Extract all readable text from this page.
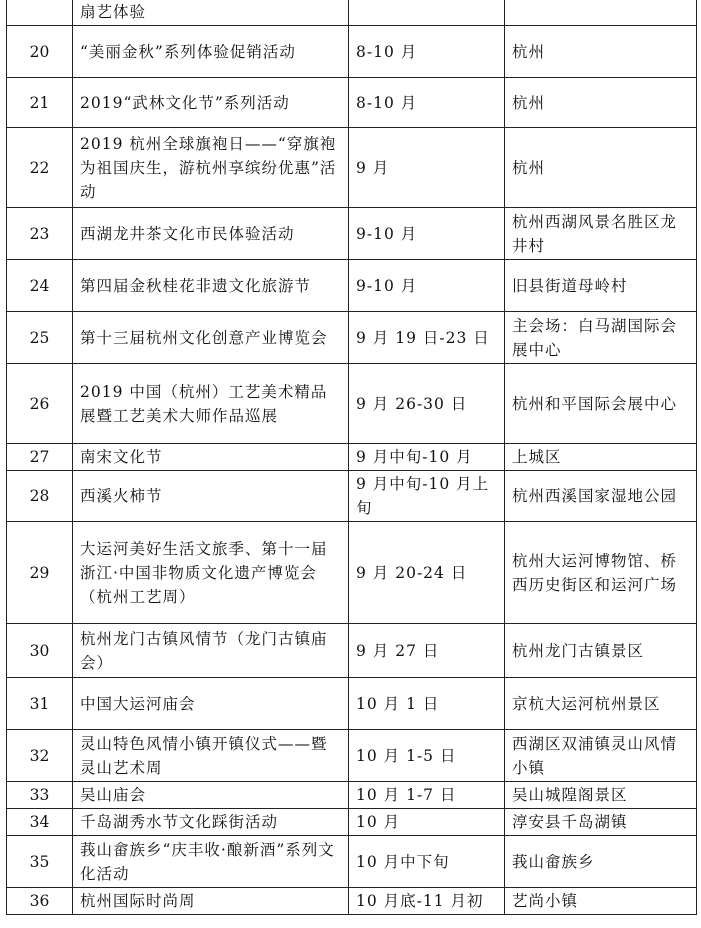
	扇艺体验		
20	“美丽金秋”系列体验促销活动	8-10 月	杭州
21	2019“武林文化节”系列活动	8-10 月	杭州
22	2019 杭州全球旗袍日——“穿旗袍为祖国庆生，游杭州享缤纷优惠”活动	9 月	杭州
23	西湖龙井茶文化市民体验活动	9-10 月	杭州西湖风景名胜区龙井村
24	第四届金秋桂花非遗文化旅游节	9-10 月	旧县街道母岭村
25	第十三届杭州文化创意产业博览会	9 月 19 日-23 日	主会场：白马湖国际会展中心
26	2019 中国（杭州）工艺美术精品展暨工艺美术大师作品巡展	9 月 26-30 日	杭州和平国际会展中心
27	南宋文化节	9 月中旬-10 月	上城区
28	西溪火柿节	9 月中旬-10 月上旬	杭州西溪国家湿地公园
29	大运河美好生活文旅季、第十一届浙江·中国非物质文化遗产博览会（杭州工艺周）	9 月 20-24 日	杭州大运河博物馆、桥西历史街区和运河广场
30	杭州龙门古镇风情节（龙门古镇庙会）	9 月 27 日	杭州龙门古镇景区
31	中国大运河庙会	10 月 1 日	京杭大运河杭州景区
32	灵山特色风情小镇开镇仪式——暨灵山艺术周	10 月 1-5 日	西湖区双浦镇灵山风情小镇
33	吴山庙会	10 月 1-7 日	吴山城隍阁景区
34	千岛湖秀水节文化踩街活动	10 月	淳安县千岛湖镇
35	莪山畲族乡“庆丰收·酿新酒”系列文化活动	10 月中下旬	莪山畲族乡
36	杭州国际时尚周	10 月底-11 月初	艺尚小镇
